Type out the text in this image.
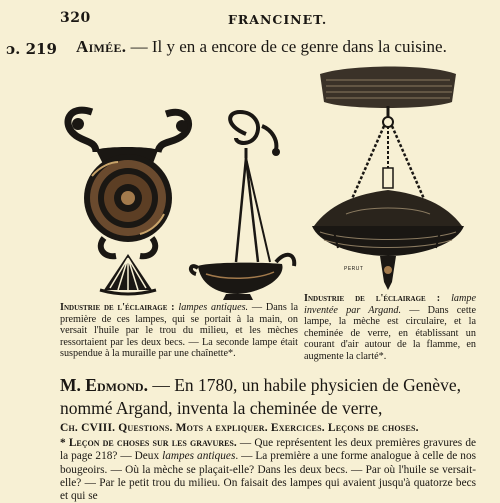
320	FRANCINET.
ɔ. 219 Aimée. — Il y en a encore de ce genre dans la cuisine.
PERUT
Industrie de l'éclairage : lampes antiques. — Dans la première de ces lampes, qui se portait à la main, on versait l'huile par le trou du milieu, et les mèches ressortaient par les deux becs. — La seconde lampe était suspendue à la muraille par une chaînette*.
Industrie de l'éclairage : lampe inventée par Argand. — Dans cette lampe, la mèche est circulaire, et la cheminée de verre, en établissant un courant d'air autour de la flamme, en augmente la clarté*.
M. Edmond. — En 1780, un habile physicien de Genève, nommé Argand, inventa la cheminée de verre,
Ch. CVIII. Questions. Mots a expliquer. Exercices. Leçons de choses.
* Leçon de choses sur les gravures. — Que représentent les deux premières gravures de la page 218? — Deux lampes antiques. — La première a une forme analogue à celle de nos bougeoirs. — Où la mèche se plaçait-elle? Dans les deux becs. — Par où l'huile se versait-elle? — Par le petit trou du milieu. On faisait des lampes qui avaient jusqu'à quatorze becs et qui se
